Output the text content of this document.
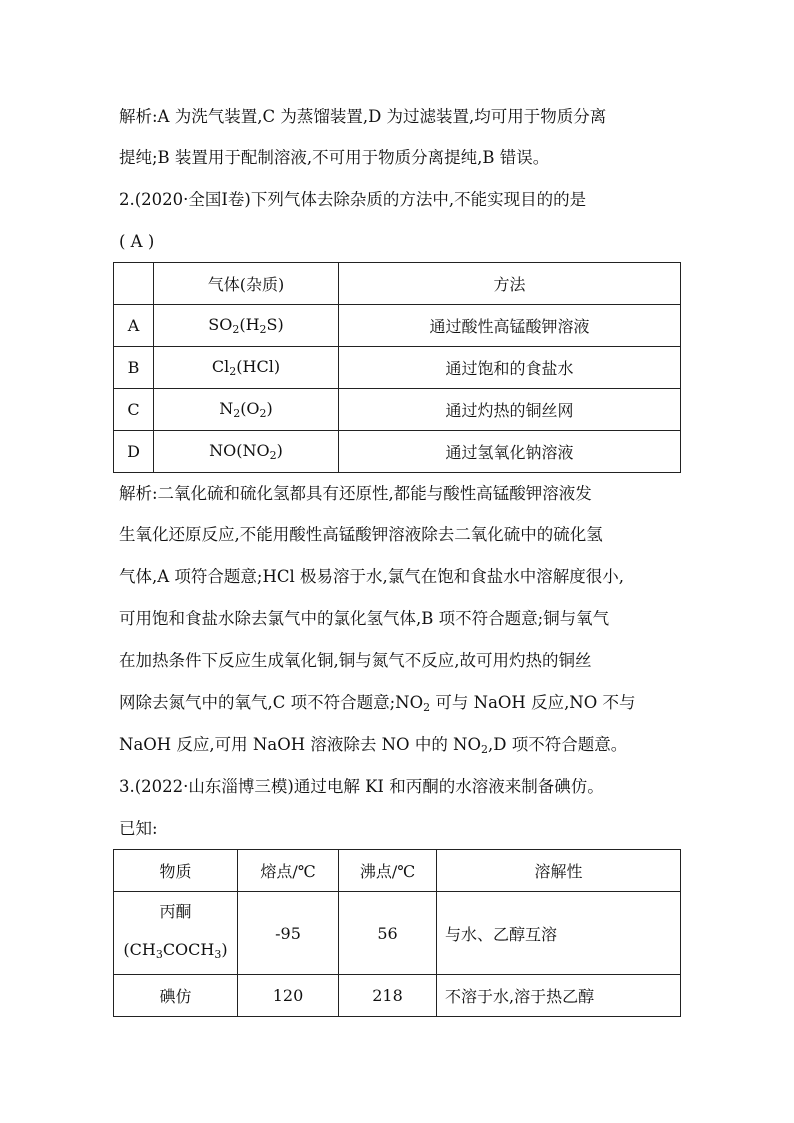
解析:A 为洗气装置,C 为蒸馏装置,D 为过滤装置,均可用于物质分离
提纯;B 装置用于配制溶液,不可用于物质分离提纯,B 错误。
2.(2020·全国Ⅰ卷)下列气体去除杂质的方法中,不能实现目的的是
( A )
	气体(杂质)	方法
A	$SO_2(H_2S)$	通过酸性高锰酸钾溶液
B	$Cl_2(HCl)$	通过饱和的食盐水
C	$N_2(O_2)$	通过灼热的铜丝网
D	$NO(NO_2)$	通过氢氧化钠溶液
解析:二氧化硫和硫化氢都具有还原性,都能与酸性高锰酸钾溶液发
生氧化还原反应,不能用酸性高锰酸钾溶液除去二氧化硫中的硫化氢
气体,A 项符合题意;HCl 极易溶于水,氯气在饱和食盐水中溶解度很小,
可用饱和食盐水除去氯气中的氯化氢气体,B 项不符合题意;铜与氧气
在加热条件下反应生成氧化铜,铜与氮气不反应,故可用灼热的铜丝
网除去氮气中的氧气,C 项不符合题意$;NO_2$ 可与 NaOH 反应,NO 不与
NaOH 反应,可用 NaOH 溶液除去 NO 中的 $NO_2,D$ 项不符合题意。
3.(2022·山东淄博三模)通过电解 KI 和丙酮的水溶液来制备碘仿。
已知:
物质	熔点/℃	沸点/℃	溶解性

丙酮
$(CH_3COCH_3)$	-95	56	与水、乙醇互溶
碘仿	120	218	不溶于水,溶于热乙醇
